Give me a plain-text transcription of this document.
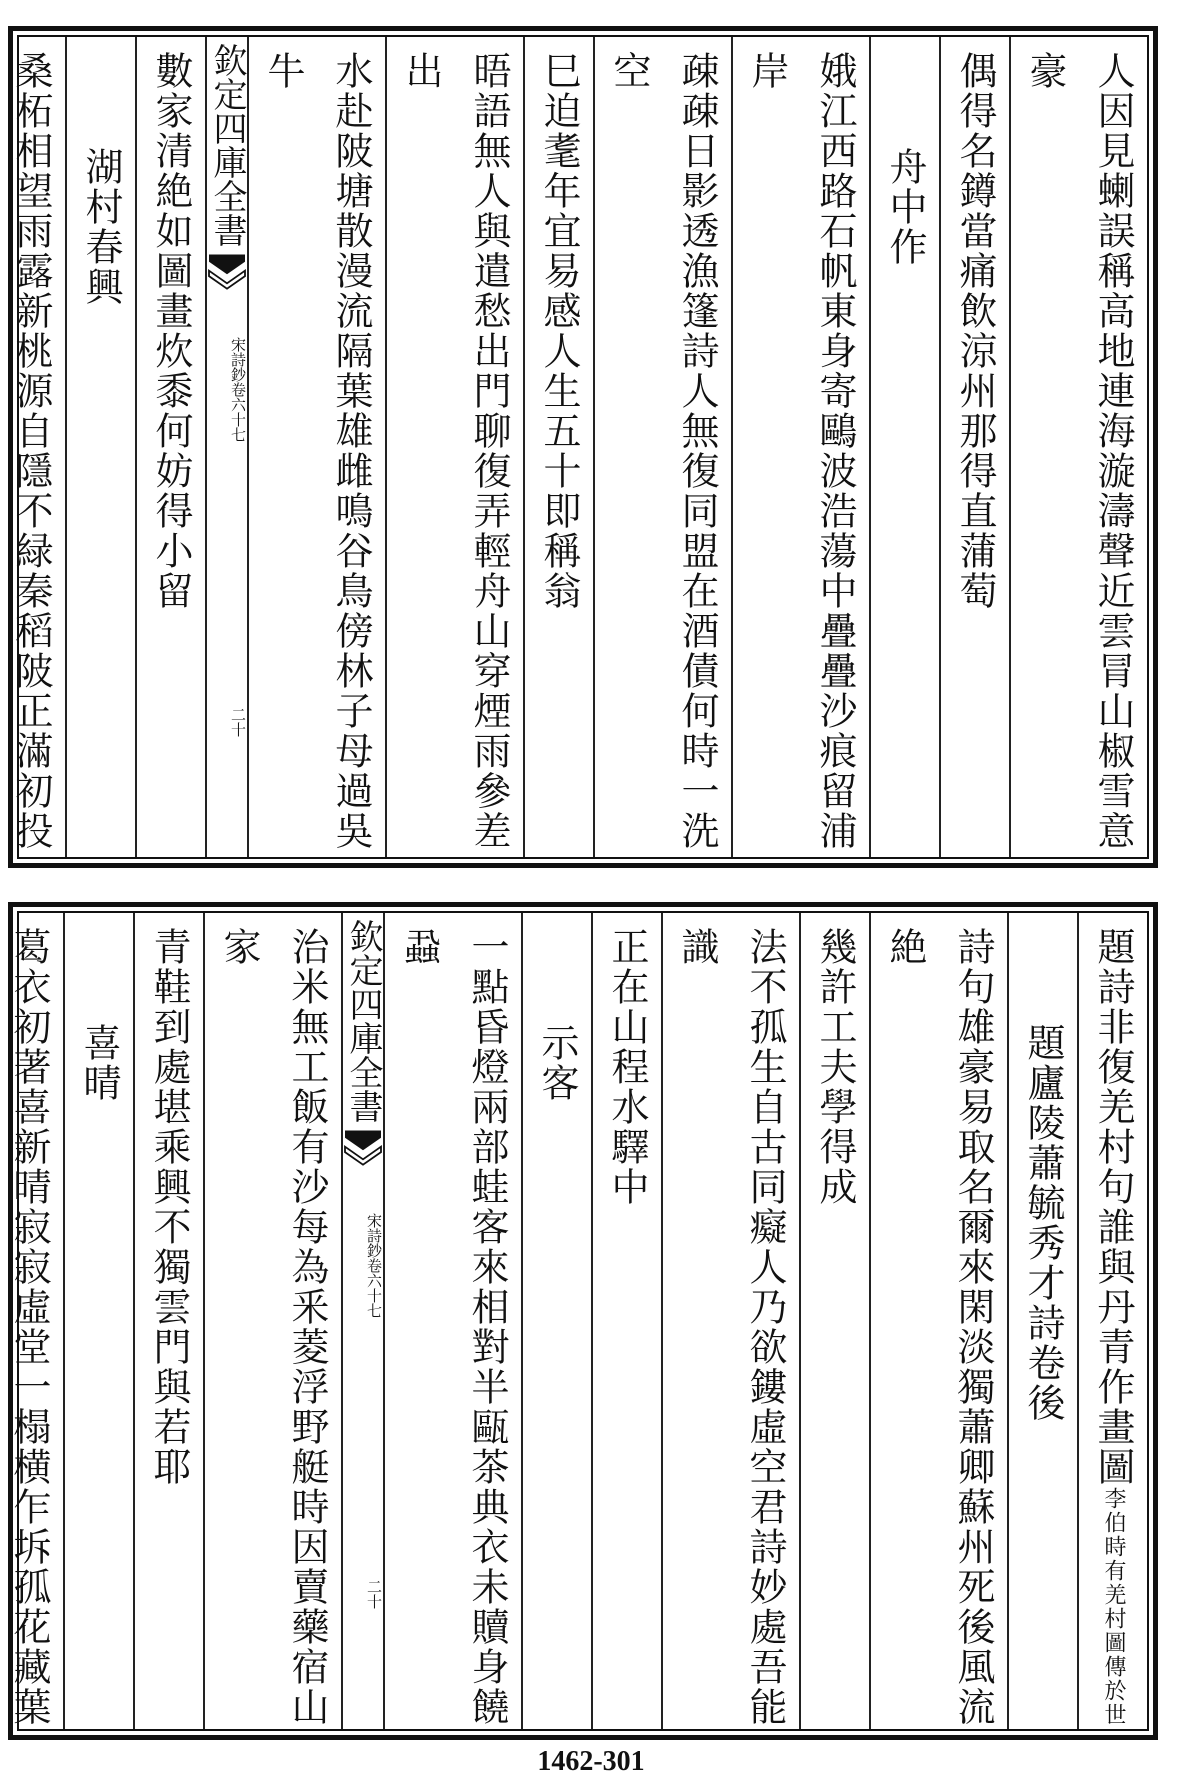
人因見蝲誤稱高地連海漩濤聲近雲冐山椒雪意豪
偶得名鐏當痛飲涼州那得直蒲萄
舟中作
娥江西路石帆東身寄鷗波浩蕩中疊疊沙痕留浦岸
疎疎日影透漁篷詩人無復同盟在酒債何時一洗空
巳迫耄年宜易感人生五十即稱翁
晤語無人與遣愁出門聊復弄輕舟山穿煙雨參差出
水赴陂塘散漫流隔葉雄雌鳴谷鳥傍林子母過吳牛
欽定四庫全書
宋詩鈔卷六十七
二十
數家清絶如圖畫炊黍何妨得小留
湖村春興
桑柘相望雨露新桃源自隱不緑秦稻陂正滿初投
題詩非復羌村句誰與丹青作畫圖李伯時有羌村圖傳於世
題廬陵蕭毓秀才詩卷後
詩句雄豪易取名爾來閑淡獨蕭卿蘇州死後風流絶
幾許工夫學得成
法不孤生自古同癡人乃欲鏤虛空君詩妙處吾能識
正在山程水驛中
示客
一點昏燈兩部蛙客來相對半甌茶典衣未贖身饒蝨
欽定四庫全書
宋詩鈔卷六十七
二十
治米無工飯有沙每為釆菱浮野艇時因賣藥宿山家
青鞋到處堪乘興不獨雲門與若耶
喜晴
葛衣初著喜新晴寂寂虛堂一榻横乍坼孤花藏葉
1462-301
